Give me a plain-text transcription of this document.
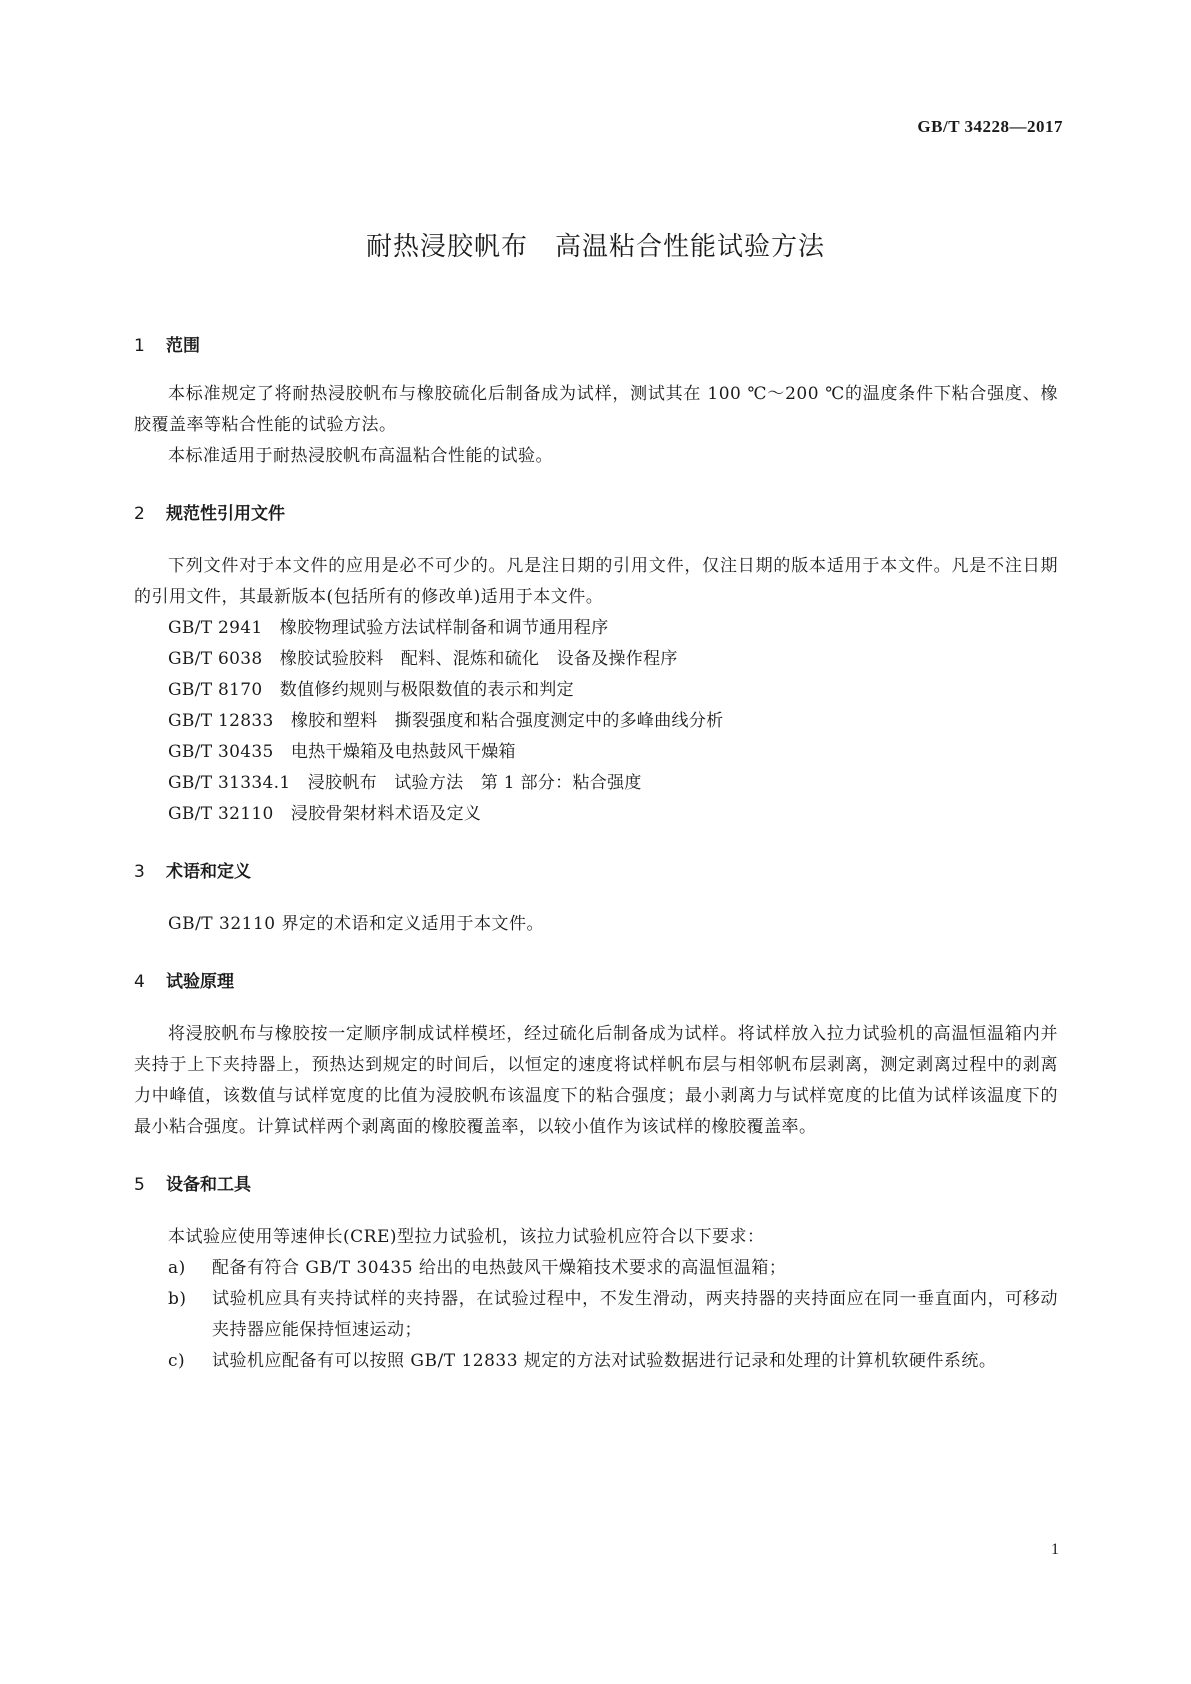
GB/T 34228—2017
耐热浸胶帆布　高温粘合性能试验方法
1 范围

本标准规定了将耐热浸胶帆布与橡胶硫化后制备成为试样，测试其在 100 ℃～200 ℃的温度条件下粘合强度、橡胶覆盖率等粘合性能的试验方法。

本标准适用于耐热浸胶帆布高温粘合性能的试验。

2 规范性引用文件

下列文件对于本文件的应用是必不可少的。凡是注日期的引用文件，仅注日期的版本适用于本文件。凡是不注日期的引用文件，其最新版本(包括所有的修改单)适用于本文件。

GB/T 2941　橡胶物理试验方法试样制备和调节通用程序
GB/T 6038　橡胶试验胶料　配料、混炼和硫化　设备及操作程序
GB/T 8170　数值修约规则与极限数值的表示和判定
GB/T 12833　橡胶和塑料　撕裂强度和粘合强度测定中的多峰曲线分析
GB/T 30435　电热干燥箱及电热鼓风干燥箱
GB/T 31334.1　浸胶帆布　试验方法　第 1 部分：粘合强度
GB/T 32110　浸胶骨架材料术语及定义
3 术语和定义

GB/T 32110 界定的术语和定义适用于本文件。

4 试验原理

将浸胶帆布与橡胶按一定顺序制成试样模坯，经过硫化后制备成为试样。将试样放入拉力试验机的高温恒温箱内并夹持于上下夹持器上，预热达到规定的时间后，以恒定的速度将试样帆布层与相邻帆布层剥离，测定剥离过程中的剥离力中峰值，该数值与试样宽度的比值为浸胶帆布该温度下的粘合强度；最小剥离力与试样宽度的比值为试样该温度下的最小粘合强度。计算试样两个剥离面的橡胶覆盖率，以较小值作为该试样的橡胶覆盖率。

5 设备和工具

本试验应使用等速伸长(CRE)型拉力试验机，该拉力试验机应符合以下要求：

a)	配备有符合 GB/T 30435 给出的电热鼓风干燥箱技术要求的高温恒温箱；
b)	试验机应具有夹持试样的夹持器，在试验过程中，不发生滑动，两夹持器的夹持面应在同一垂直面内，可移动夹持器应能保持恒速运动；
c)	试验机应配备有可以按照 GB/T 12833 规定的方法对试验数据进行记录和处理的计算机软硬件系统。
1
